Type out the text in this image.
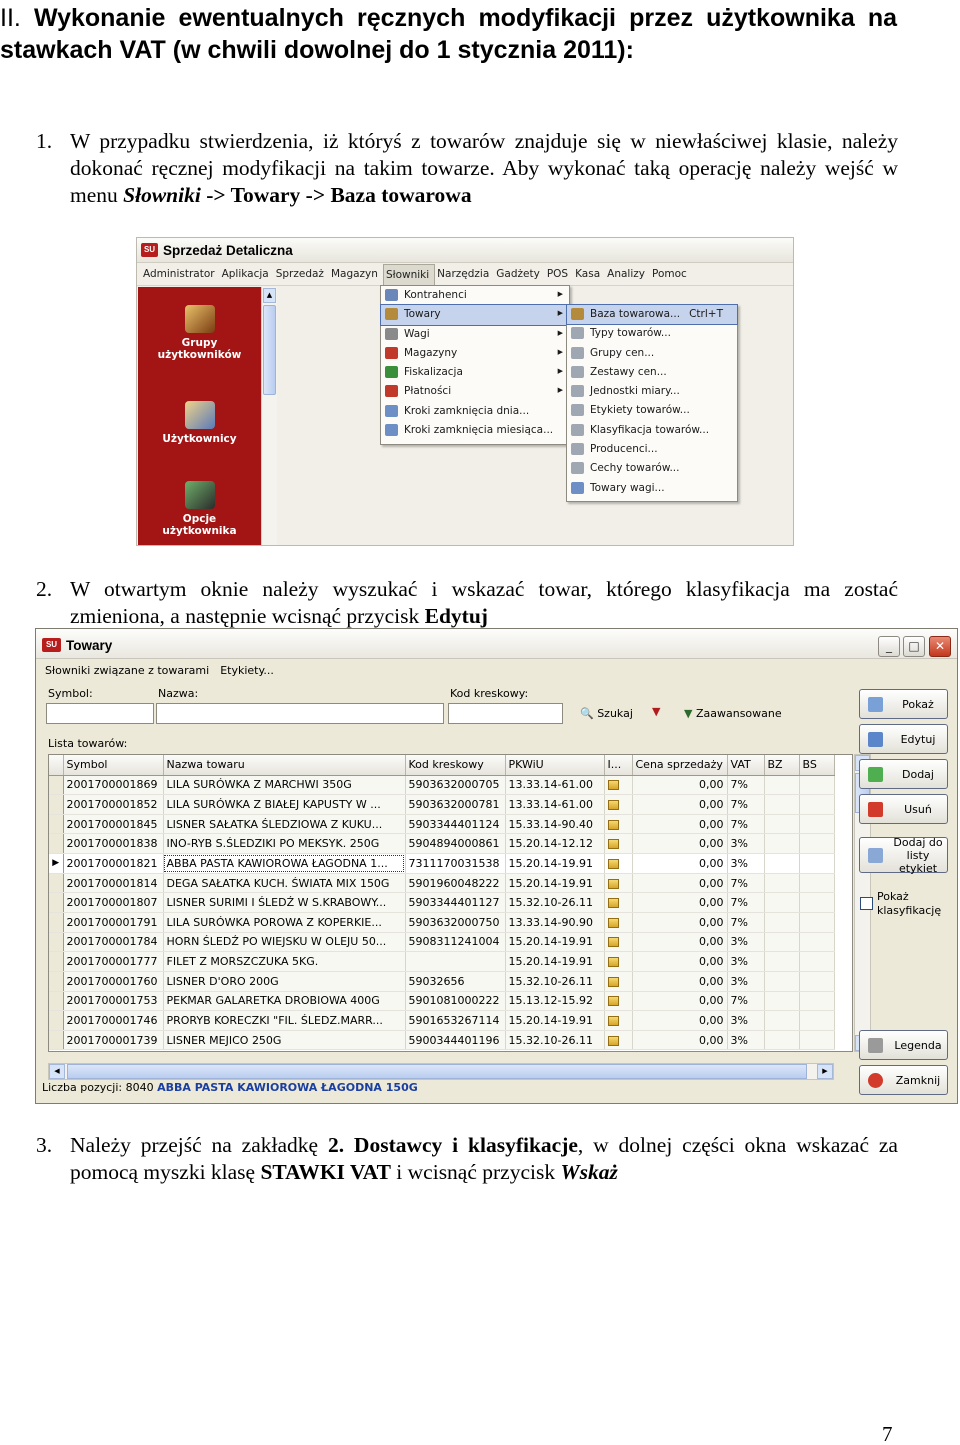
II. Wykonanie ewentualnych ręcznych modyfikacji przez użytkownika na stawkach VAT (w chwili dowolnej do 1 stycznia 2011):
1. W przypadku stwierdzenia, iż któryś z towarów znajduje się w niewłaściwej klasie, należy dokonać ręcznej modyfikacji na takim towarze. Aby wykonać taką operację należy wejść w menu Słowniki -> Towary -> Baza towarowa
SU Sprzedaż Detaliczna
Administrator Aplikacja Sprzedaż Magazyn Słowniki Narzędzia Gadżety POS Kasa Analizy Pomoc
Grupy
użytkowników
Użytkownicy
Opcje
użytkownika
▲	Kontrahenci	▶
Towary	▶
Wagi	▶
Magazyny	▶
Fiskalizacja	▶
Płatności	▶
Kroki zamknięcia dnia...
Kroki zamknięcia miesiąca...
Baza towarowa... Ctrl+T
Typy towarów...
Grupy cen...
Zestawy cen...
Jednostki miary...
Etykiety towarów...
Klasyfikacja towarów...
Producenci...
Cechy towarów...
Towary wagi...
2. W otwartym oknie należy wyszukać i wskazać towar, którego klasyfikacja ma zostać zmieniona, a następnie wcisnąć przycisk Edytuj
SU Towary	_	□	✕
Słowniki związane z towarami	Etykiety...
Symbol:	Nazwa:	Kod kreskowy:
🔍 Szukaj ▼ ▼ Zaawansowane
Lista towarów:
	Symbol	Nazwa towaru	Kod kreskowy	PKWiU	I...	Cena sprzedaży	VAT	BZ	BS
	2001700001869	LILA SURÓWKA Z MARCHWI 350G	5903632000705	13.33.14-61.00		0,00	7%		
	2001700001852	LILA SURÓWKA Z BIAŁEJ KAPUSTY W ...	5903632000781	13.33.14-61.00		0,00	7%		
	2001700001845	LISNER SAŁATKA ŚLEDZIOWA Z KUKU...	5903344401124	15.33.14-90.40		0,00	7%		
	2001700001838	INO-RYB S.ŚLEDZIKI PO MEKSYK. 250G	5904894000861	15.20.14-12.12		0,00	3%		
▶	2001700001821	ABBA PASTA KAWIOROWA ŁAGODNA 1...	7311170031538	15.20.14-19.91		0,00	3%		
	2001700001814	DEGA SAŁATKA KUCH. ŚWIATA MIX 150G	5901960048222	15.20.14-19.91		0,00	7%		
	2001700001807	LISNER SURIMI I ŚLEDŹ W S.KRABOWY...	5903344401127	15.32.10-26.11		0,00	7%		
	2001700001791	LILA SURÓWKA POROWA Z KOPERKIE...	5903632000750	13.33.14-90.90		0,00	7%		
	2001700001784	HORN ŚLEDŹ PO WIEJSKU W OLEJU 50...	5908311241004	15.20.14-19.91		0,00	3%		
	2001700001777	FILET Z MORSZCZUKA 5KG.		15.20.14-19.91		0,00	3%		
	2001700001760	LISNER D'ORO 200G	59032656	15.32.10-26.11		0,00	3%		
	2001700001753	PEKMAR GALARETKA DROBIOWA 400G	5901081000222	15.13.12-15.92		0,00	7%		
	2001700001746	PRORYB KORECZKI "FIL. ŚLEDZ.MARR...	5901653267114	15.20.14-19.91		0,00	3%		
	2001700001739	LISNER MEJICO 250G	5900344401196	15.32.10-26.11		0,00	3%		
◀	▶
Liczba pozycji: 8040 ABBA PASTA KAWIOROWA ŁAGODNA 150G
Pokaż
Edytuj
Dodaj
Usuń
Dodaj do
listy etykiet
Pokaż
klasyfikację
Legenda
Zamknij
3. Należy przejść na zakładkę 2. Dostawcy i klasyfikacje, w dolnej części okna wskazać za pomocą myszki klasę STAWKI VAT i wcisnąć przycisk Wskaż
7
